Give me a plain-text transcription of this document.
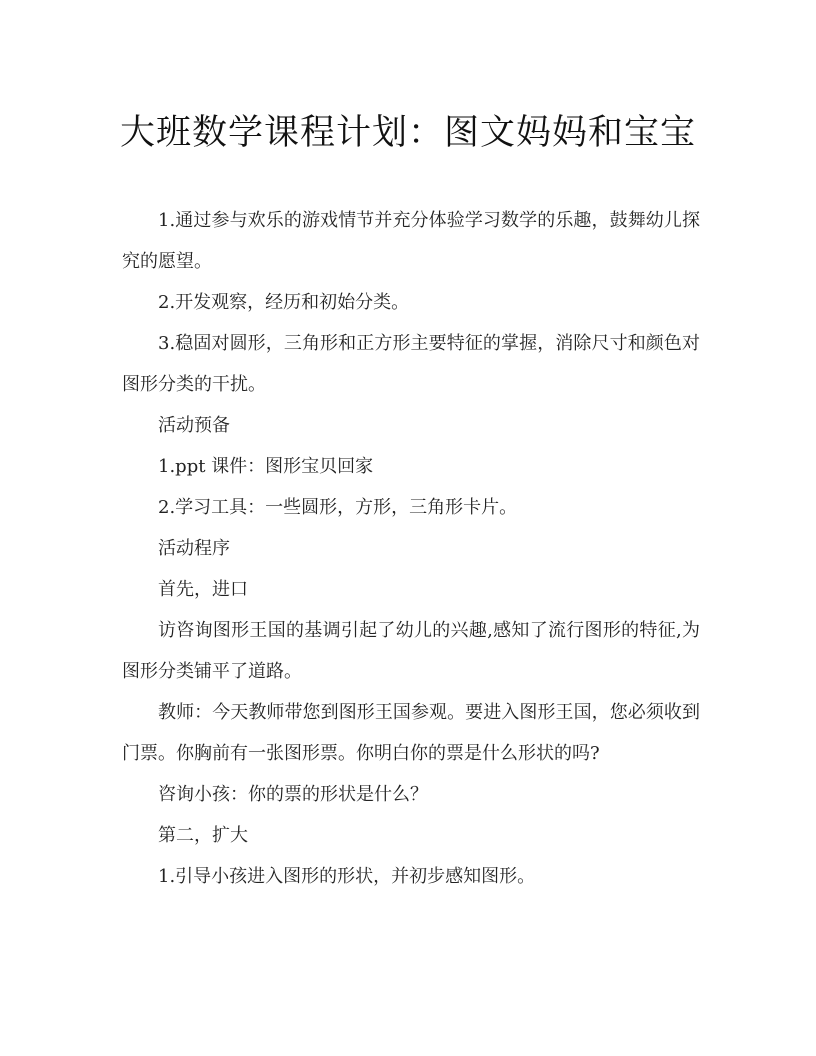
大班数学课程计划：图文妈妈和宝宝

1.通过参与欢乐的游戏情节并充分体验学习数学的乐趣，鼓舞幼儿探究的愿望。

2.开发观察，经历和初始分类。

3.稳固对圆形，三角形和正方形主要特征的掌握，消除尺寸和颜色对图形分类的干扰。

活动预备

1.ppt 课件：图形宝贝回家

2.学习工具：一些圆形，方形，三角形卡片。

活动程序

首先，进口

访咨询图形王国的基调引起了幼儿的兴趣,感知了流行图形的特征,为图形分类铺平了道路。

教师：今天教师带您到图形王国参观。要进入图形王国，您必须收到门票。你胸前有一张图形票。你明白你的票是什么形状的吗?

咨询小孩：你的票的形状是什么？

第二，扩大

1.引导小孩进入图形的形状，并初步感知图形。
